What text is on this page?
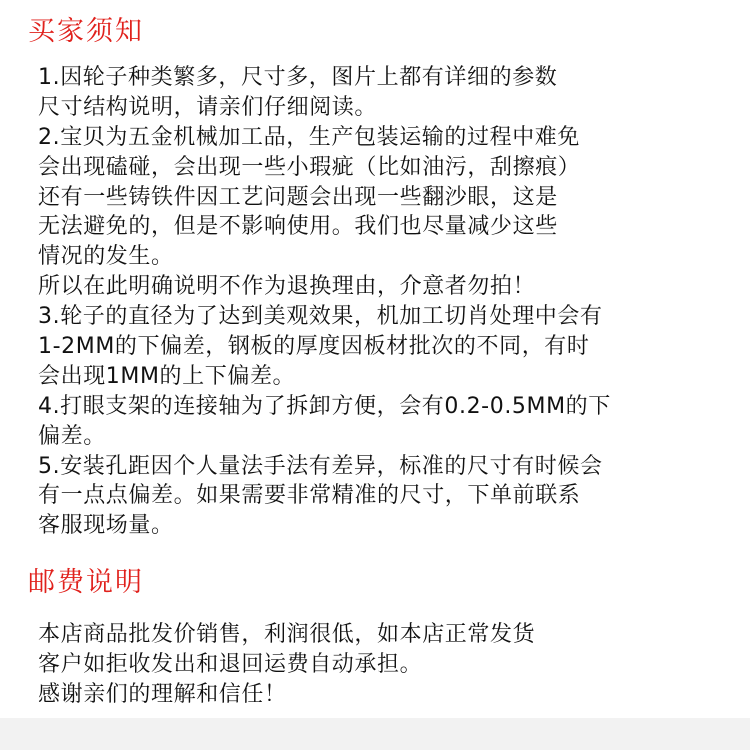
买家须知
1.因轮子种类繁多，尺寸多，图片上都有详细的参数
尺寸结构说明，请亲们仔细阅读。
2.宝贝为五金机械加工品，生产包装运输的过程中难免
会出现磕碰，会出现一些小瑕疵（比如油污，刮擦痕）
还有一些铸铁件因工艺问题会出现一些翻沙眼，这是
无法避免的，但是不影响使用。我们也尽量减少这些
情况的发生。
所以在此明确说明不作为退换理由，介意者勿拍！
3.轮子的直径为了达到美观效果，机加工切肖处理中会有
1-2MM的下偏差，钢板的厚度因板材批次的不同，有时
会出现1MM的上下偏差。
4.打眼支架的连接轴为了拆卸方便，会有0.2-0.5MM的下
偏差。
5.安装孔距因个人量法手法有差异，标准的尺寸有时候会
有一点点偏差。如果需要非常精准的尺寸，下单前联系
客服现场量。
邮费说明
本店商品批发价销售，利润很低，如本店正常发货
客户如拒收发出和退回运费自动承担。
感谢亲们的理解和信任！
